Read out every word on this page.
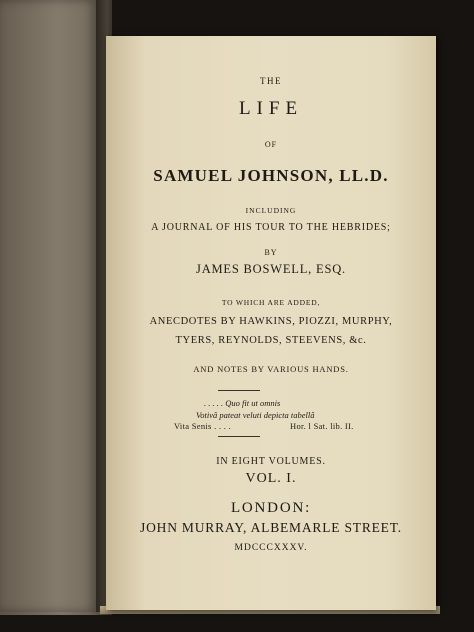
THE
LIFE
OF
SAMUEL JOHNSON, LL.D.
INCLUDING
A JOURNAL OF HIS TOUR TO THE HEBRIDES;
BY
JAMES BOSWELL, ESQ.
TO WHICH ARE ADDED,
ANECDOTES BY HAWKINS, PIOZZI, MURPHY,
TYERS, REYNOLDS, STEEVENS, &c.
AND NOTES BY VARIOUS HANDS.
. . . . . Quo fit ut omnis
Votivâ pateat veluti depicta tabellâ
Vita Senis . . . .	Hor. l Sat. lib. II.
IN EIGHT VOLUMES.
VOL. I.
LONDON:
JOHN MURRAY, ALBEMARLE STREET.
MDCCCXXXV.
